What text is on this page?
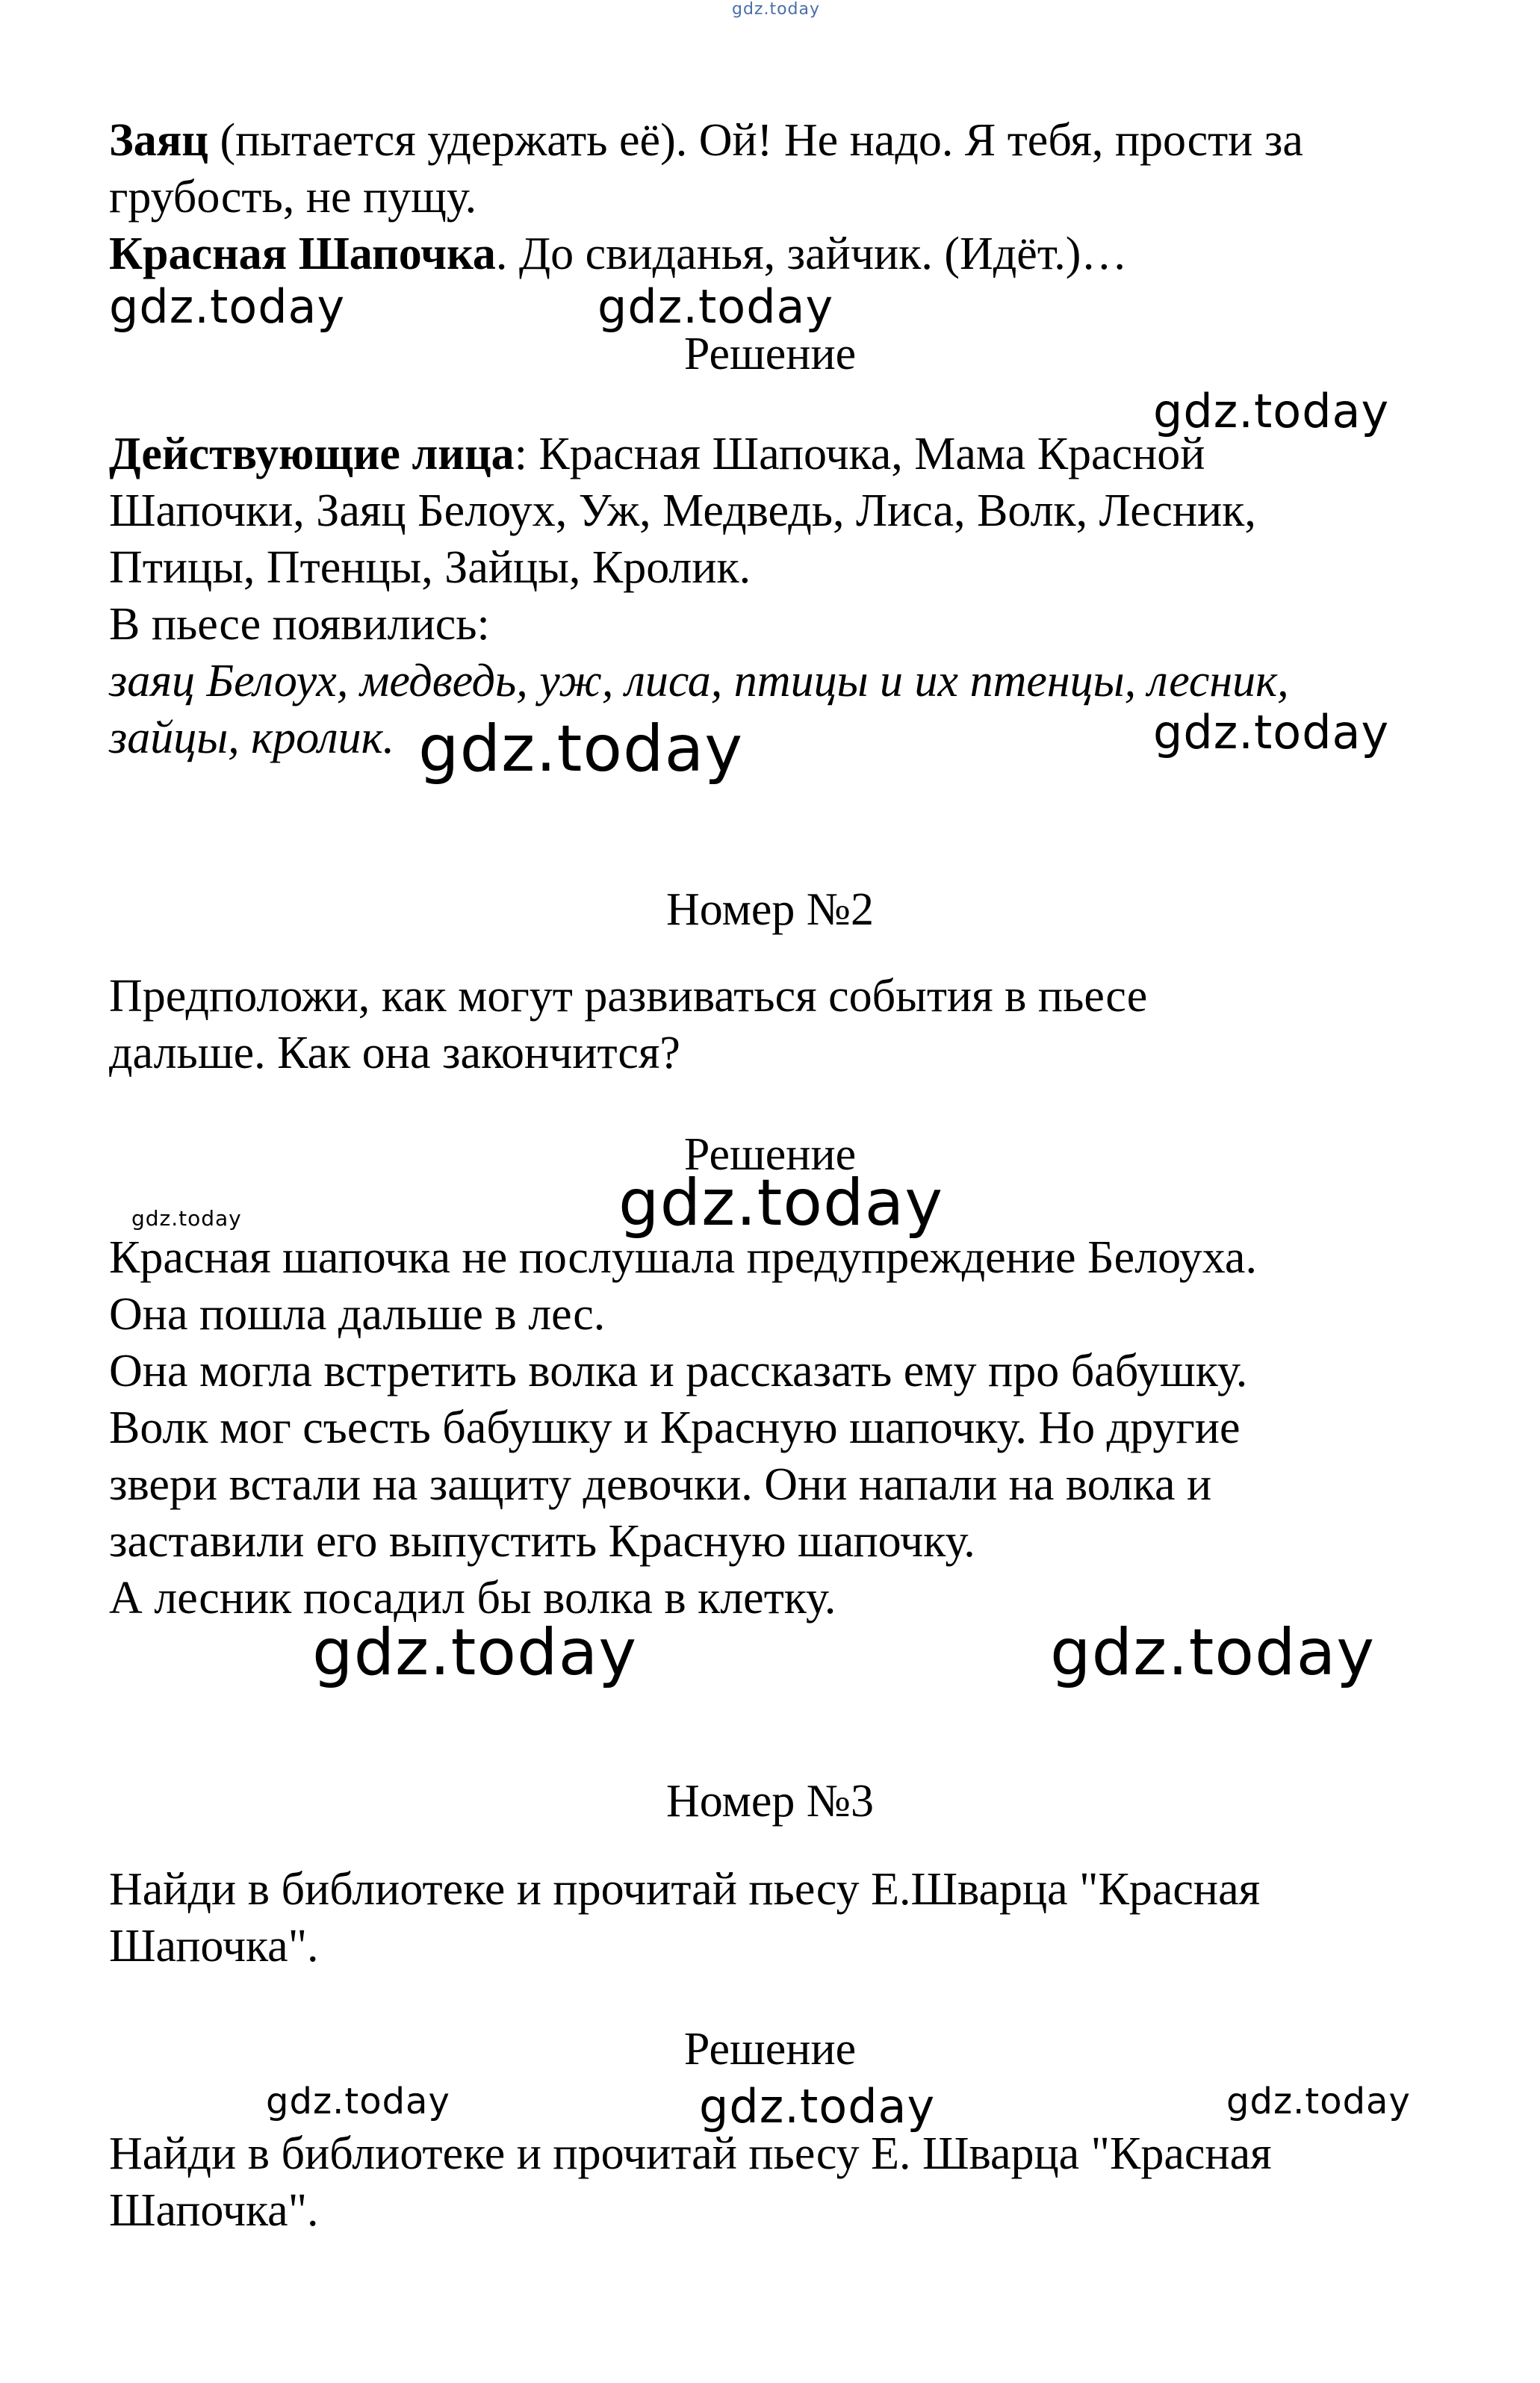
gdz.today

Заяц (пытается удержать её). Ой! Не надо. Я тебя, прости за

грубость, не пущу.

Красная Шапочка. До свиданья, зайчик. (Идёт.)…

gdz.today	gdz.today

Решение

gdz.today

Действующие лица: Красная Шапочка, Мама Красной

Шапочки, Заяц Белоух, Уж, Медведь, Лиса, Волк, Лесник,

Птицы, Птенцы, Зайцы, Кролик.

В пьесе появились:

заяц Белоух, медведь, уж, лиса, птицы и их птенцы, лесник,

зайцы, кролик. gdz.today	gdz.today

Номер №2

Предположи, как могут развиваться события в пьесе

дальше. Как она закончится?

Решение

gdz.today	gdz.today

Красная шапочка не послушала предупреждение Белоуха.

Она пошла дальше в лес.

Она могла встретить волка и рассказать ему про бабушку.

Волк мог съесть бабушку и Красную шапочку. Но другие

звери встали на защиту девочки. Они напали на волка и

заставили его выпустить Красную шапочку.

А лесник посадил бы волка в клетку.

gdz.today	gdz.today

Номер №3

Найди в библиотеке и прочитай пьесу Е.Шварца "Красная

Шапочка".

Решение

gdz.today	gdz.today	gdz.today

Найди в библиотеке и прочитай пьесу Е. Шварца "Красная

Шапочка".
